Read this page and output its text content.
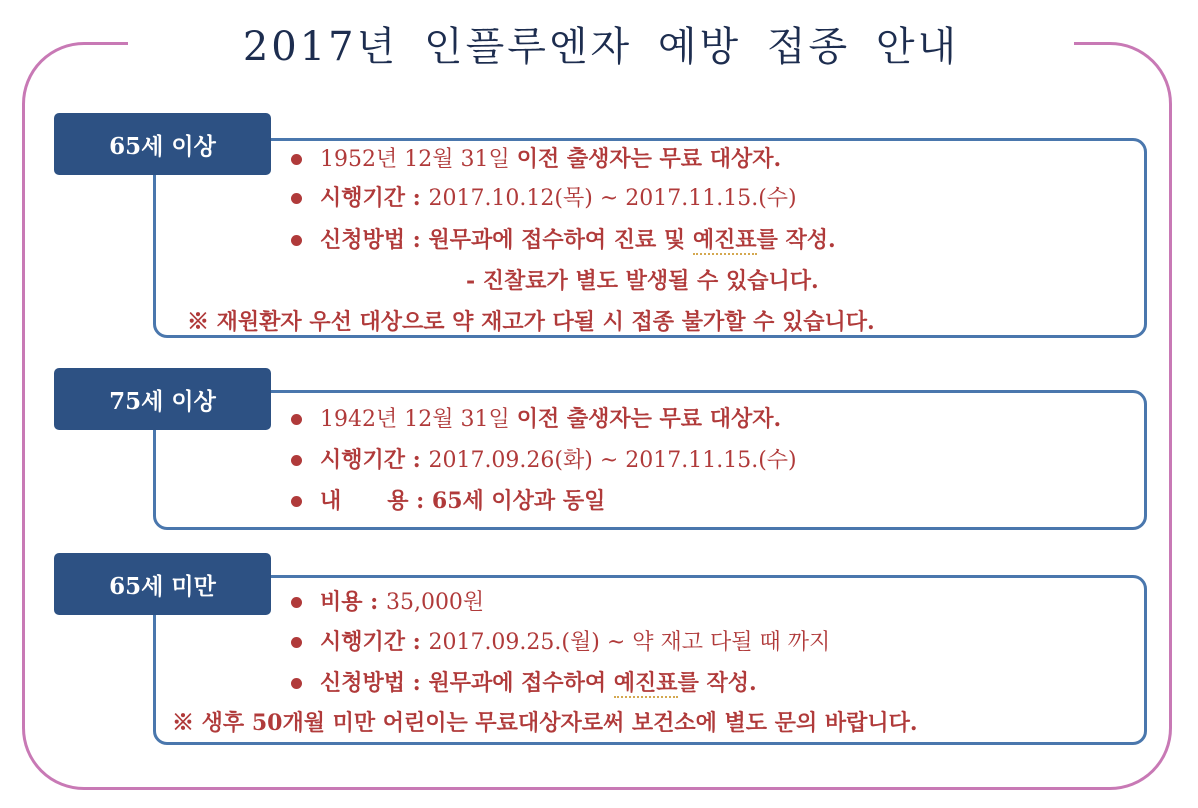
2017년 인플루엔자 예방 접종 안내
65세 이상	1952년 12월 31일 이전 출생자는 무료 대상자.
시행기간 : 2017.10.12(목) ~ 2017.11.15.(수)
신청방법 : 원무과에 접수하여 진료 및 예진표를 작성.
- 진찰료가 별도 발생될 수 있습니다.
※ 재원환자 우선 대상으로 약 재고가 다될 시 접종 불가할 수 있습니다.
75세 이상
1942년 12월 31일 이전 출생자는 무료 대상자.
시행기간 : 2017.09.26(화) ~ 2017.11.15.(수)
내      용 : 65세 이상과 동일
65세 미만
비용 : 35,000원
시행기간 : 2017.09.25.(월) ~ 약 재고 다될 때 까지
신청방법 : 원무과에 접수하여 예진표를 작성.
※ 생후 50개월 미만 어린이는 무료대상자로써 보건소에 별도 문의 바랍니다.
